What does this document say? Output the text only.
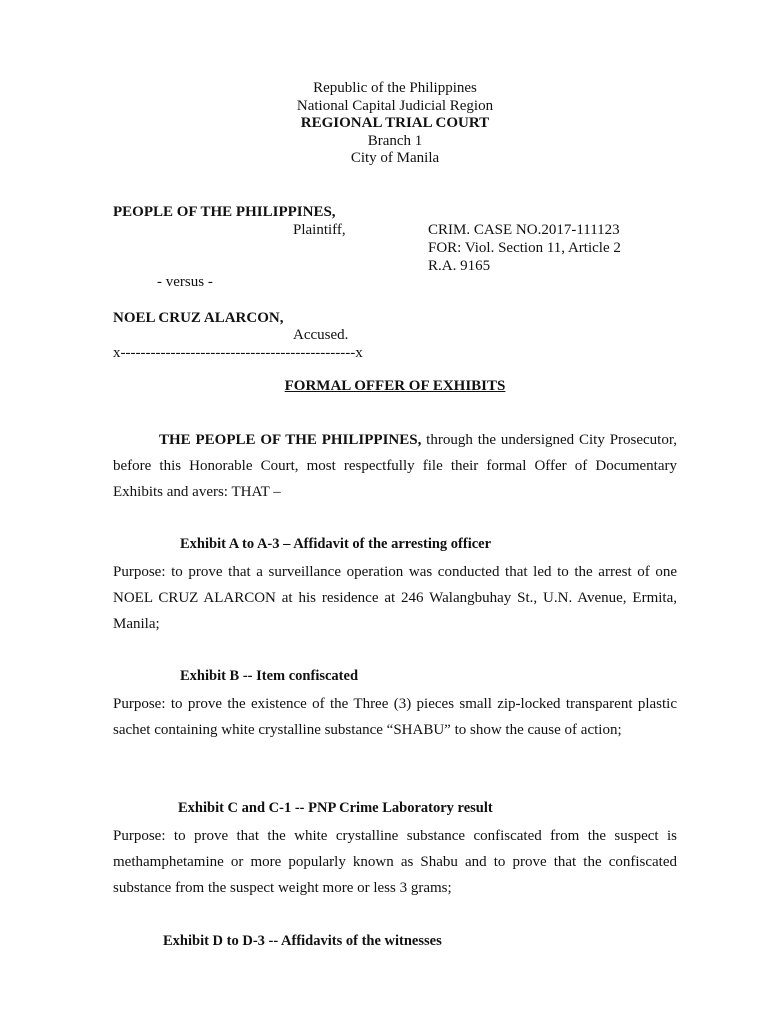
Republic of the Philippines
National Capital Judicial Region
REGIONAL TRIAL COURT
Branch 1
City of Manila
PEOPLE OF THE PHILIPPINES,
Plaintiff,
- versus -
NOEL CRUZ ALARCON,
Accused.
x-----------------------------------------------x
CRIM. CASE NO.2017-111123
FOR: Viol. Section 11, Article 2
R.A. 9165
FORMAL OFFER OF EXHIBITS
THE PEOPLE OF THE PHILIPPINES, through the undersigned City Prosecutor, before this Honorable Court, most respectfully file their formal Offer of Documentary Exhibits and avers: THAT –
Exhibit A to A-3 – Affidavit of the arresting officer
Purpose: to prove that a surveillance operation was conducted that led to the arrest of one NOEL CRUZ ALARCON at his residence at 246 Walangbuhay St., U.N. Avenue, Ermita, Manila;
Exhibit B -- Item confiscated
Purpose: to prove the existence of the Three (3) pieces small zip-locked transparent plastic sachet containing white crystalline substance “SHABU” to show the cause of action;
Exhibit C and C-1 -- PNP Crime Laboratory result
Purpose: to prove that the white crystalline substance confiscated from the suspect is methamphetamine or more popularly known as Shabu and to prove that the confiscated substance from the suspect weight more or less 3 grams;
Exhibit D to D-3 -- Affidavits of the witnesses
